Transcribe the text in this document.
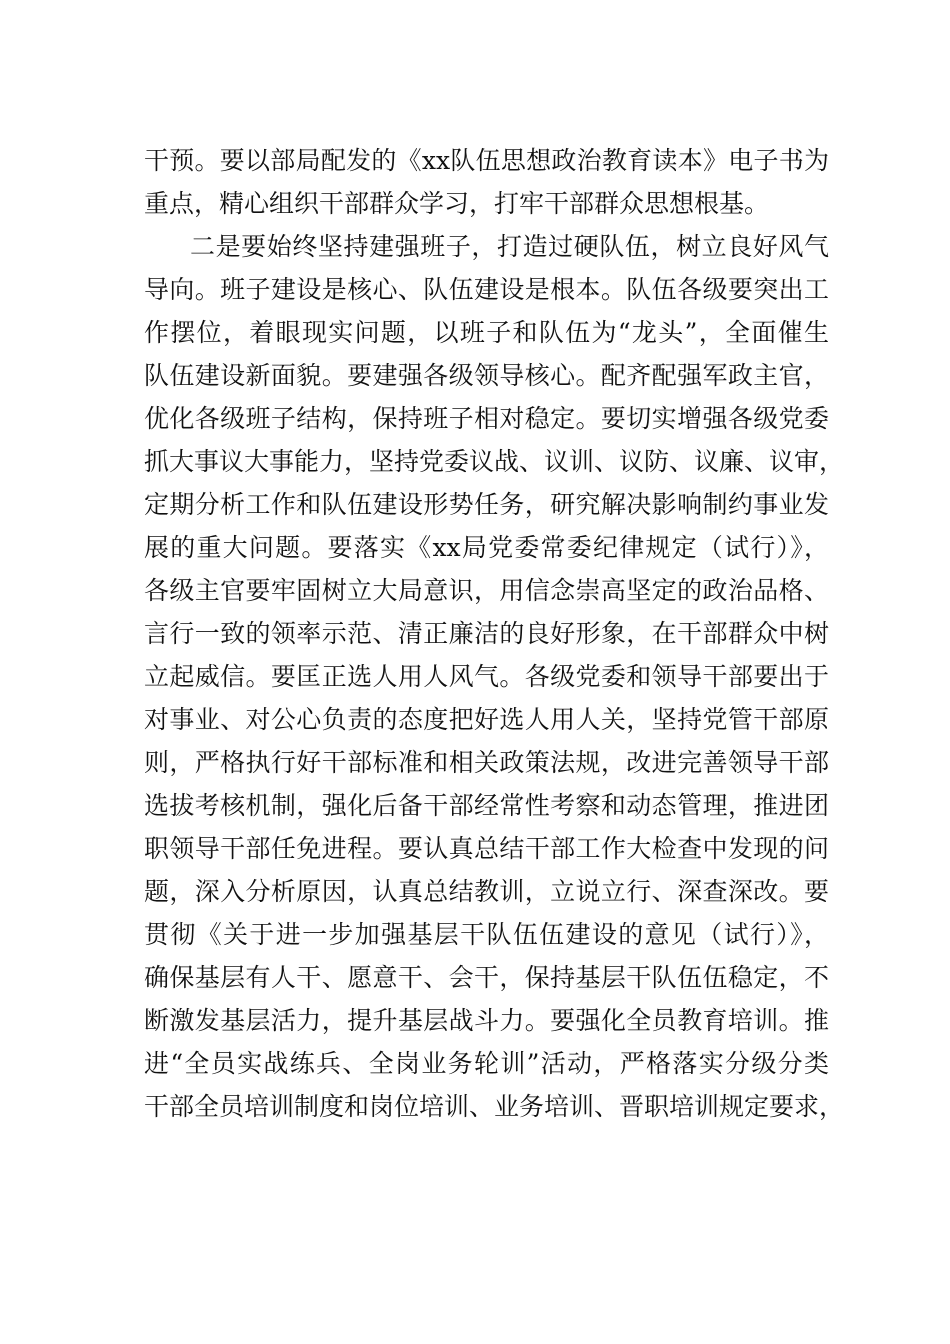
干预。要以部局配发的《xx队伍思想政治教育读本》电子书为
重点，精心组织干部群众学习，打牢干部群众思想根基。
二是要始终坚持建强班子，打造过硬队伍，树立良好风气
导向。班子建设是核心、队伍建设是根本。队伍各级要突出工
作摆位，着眼现实问题，以班子和队伍为“龙头”，全面催生
队伍建设新面貌。要建强各级领导核心。配齐配强军政主官，
优化各级班子结构，保持班子相对稳定。要切实增强各级党委
抓大事议大事能力，坚持党委议战、议训、议防、议廉、议审，
定期分析工作和队伍建设形势任务，研究解决影响制约事业发
展的重大问题。要落实《xx局党委常委纪律规定（试行）》，
各级主官要牢固树立大局意识，用信念崇高坚定的政治品格、
言行一致的领率示范、清正廉洁的良好形象，在干部群众中树
立起威信。要匡正选人用人风气。各级党委和领导干部要出于
对事业、对公心负责的态度把好选人用人关，坚持党管干部原
则，严格执行好干部标准和相关政策法规，改进完善领导干部
选拔考核机制，强化后备干部经常性考察和动态管理，推进团
职领导干部任免进程。要认真总结干部工作大检查中发现的问
题，深入分析原因，认真总结教训，立说立行、深查深改。要
贯彻《关于进一步加强基层干队伍伍建设的意见（试行）》，
确保基层有人干、愿意干、会干，保持基层干队伍伍稳定，不
断激发基层活力，提升基层战斗力。要强化全员教育培训。推
进“全员实战练兵、全岗业务轮训”活动，严格落实分级分类
干部全员培训制度和岗位培训、业务培训、晋职培训规定要求，
